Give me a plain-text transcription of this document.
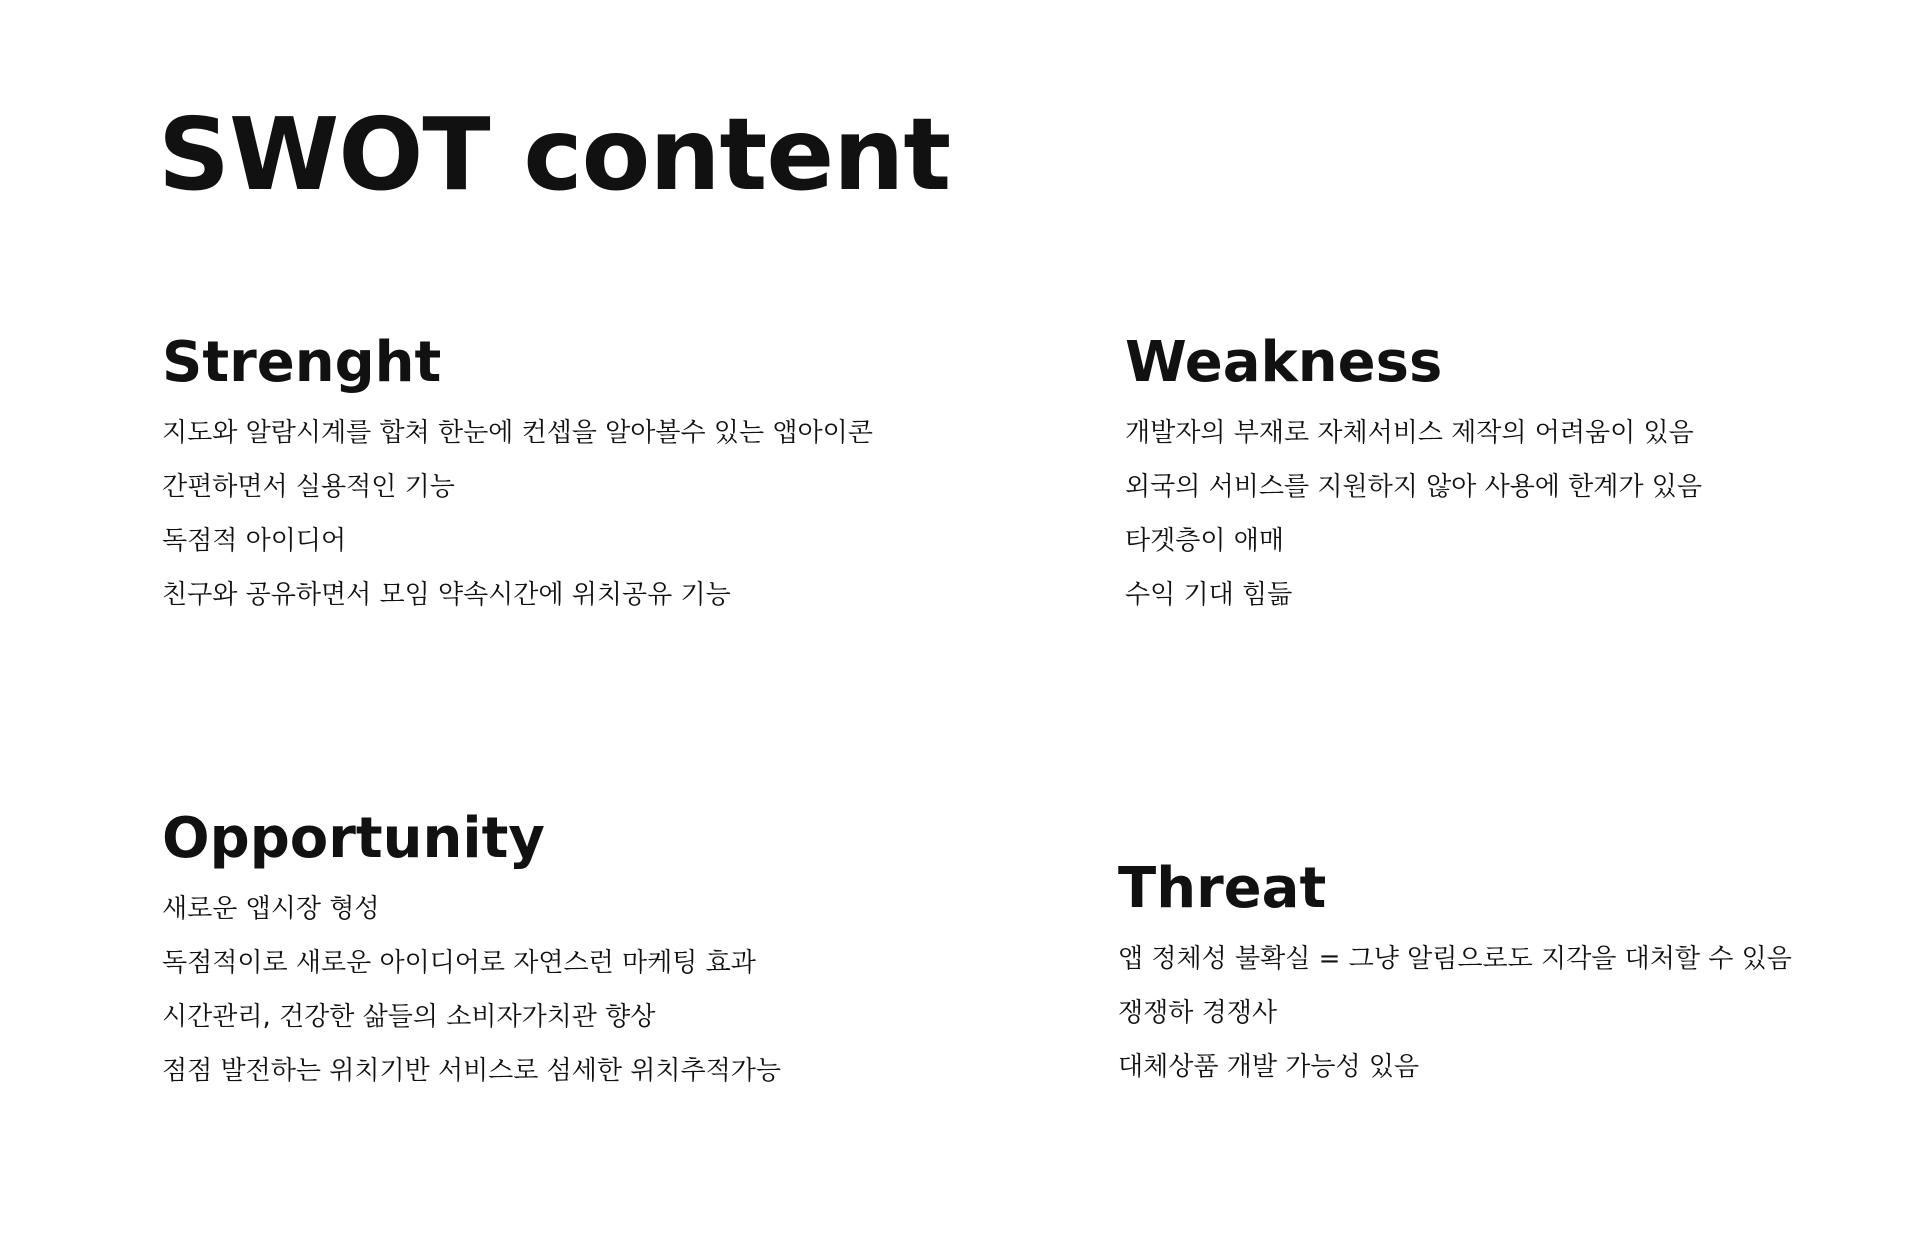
SWOT content
Strenght
지도와 알람시계를 합쳐 한눈에 컨셉을 알아볼수 있는 앱아이콘
간편하면서 실용적인 기능
독점적 아이디어
친구와 공유하면서 모임 약속시간에 위치공유 기능
Weakness
개발자의 부재로 자체서비스 제작의 어려움이 있음
외국의 서비스를 지원하지 않아 사용에 한계가 있음
타겟층이 애매
수익 기대 힘듦
Opportunity
새로운 앱시장 형성
독점적이로 새로운 아이디어로 자연스런 마케팅 효과
시간관리, 건강한 삶들의 소비자가치관 향상
점점 발전하는 위치기반 서비스로 섬세한 위치추적가능
Threat
앱 정체성 불확실 = 그냥 알림으로도 지각을 대처할 수 있음
쟁쟁하 경쟁사
대체상품 개발 가능성 있음
